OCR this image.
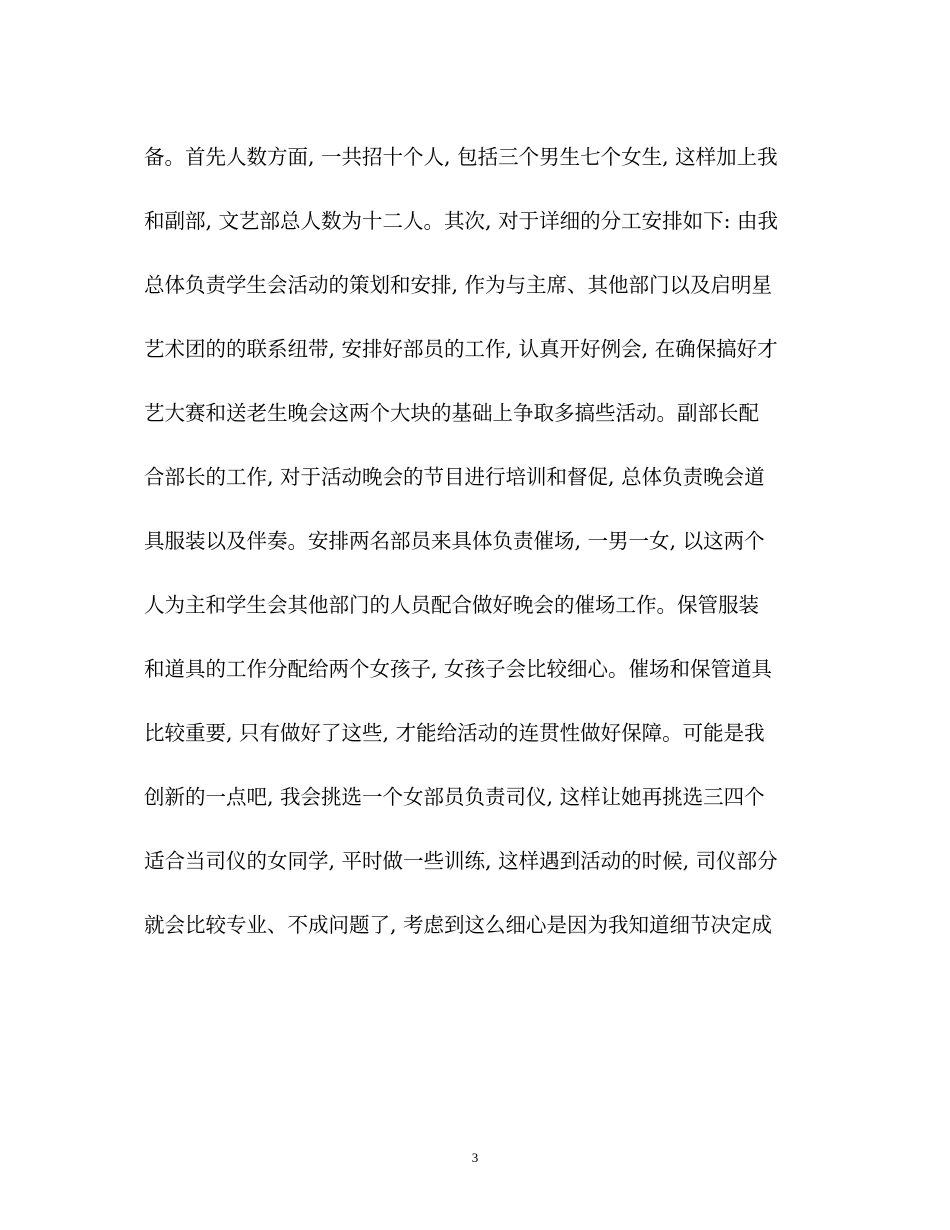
备。首先人数方面, 一共招十个人, 包括三个男生七个女生, 这样加上我
和副部, 文艺部总人数为十二人。其次, 对于详细的分工安排如下: 由我
总体负责学生会活动的策划和安排, 作为与主席、其他部门以及启明星
艺术团的的联系纽带, 安排好部员的工作, 认真开好例会, 在确保搞好才
艺大赛和送老生晚会这两个大块的基础上争取多搞些活动。副部长配
合部长的工作, 对于活动晚会的节目进行培训和督促, 总体负责晚会道
具服装以及伴奏。安排两名部员来具体负责催场, 一男一女, 以这两个
人为主和学生会其他部门的人员配合做好晚会的催场工作。保管服装
和道具的工作分配给两个女孩子, 女孩子会比较细心。催场和保管道具
比较重要, 只有做好了这些, 才能给活动的连贯性做好保障。可能是我
创新的一点吧, 我会挑选一个女部员负责司仪, 这样让她再挑选三四个
适合当司仪的女同学, 平时做一些训练, 这样遇到活动的时候, 司仪部分
就会比较专业、不成问题了, 考虑到这么细心是因为我知道细节决定成
3
